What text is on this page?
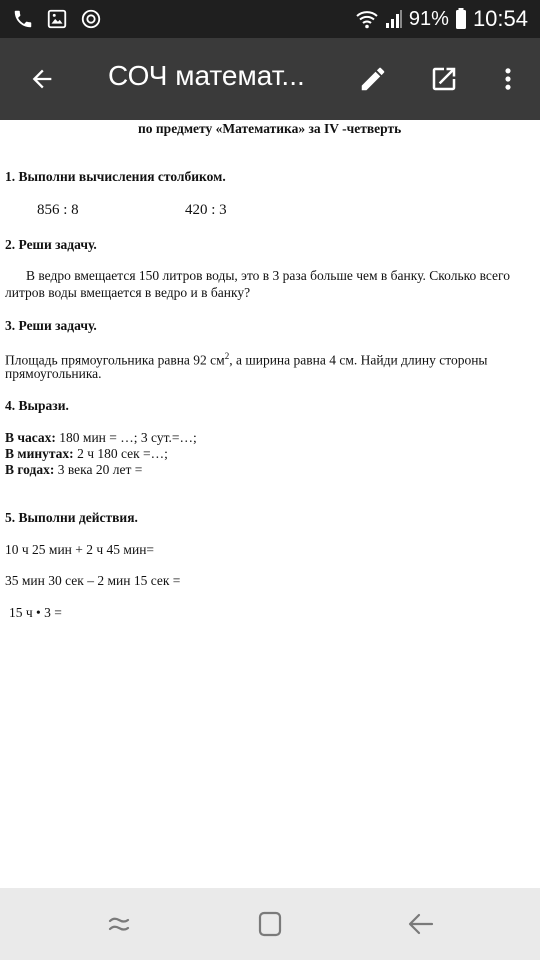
91% 10:54
СОЧ математ...
по предмету «Математика» за IV -четверть
1. Выполни вычисления столбиком.
856 : 8	420 : 3
2. Реши задачу.
В ведро вмещается 150 литров воды, это в 3 раза больше чем в банку. Сколько всего
литров воды вмещается в ведро и в банку?
3. Реши задачу.
Площадь прямоугольника равна 92 $см^2$, а ширина равна 4 см. Найди длину стороны
прямоугольника.
4. Вырази.
В часах: 180 мин = …; 3 сут.=…;
В минутах: 2 ч 180 сек =…;
В годах: 3 века 20 лет =
5. Выполни действия.
10 ч 25 мин + 2 ч 45 мин=
35 мин 30 сек – 2 мин 15 сек =
15 ч • 3 =
